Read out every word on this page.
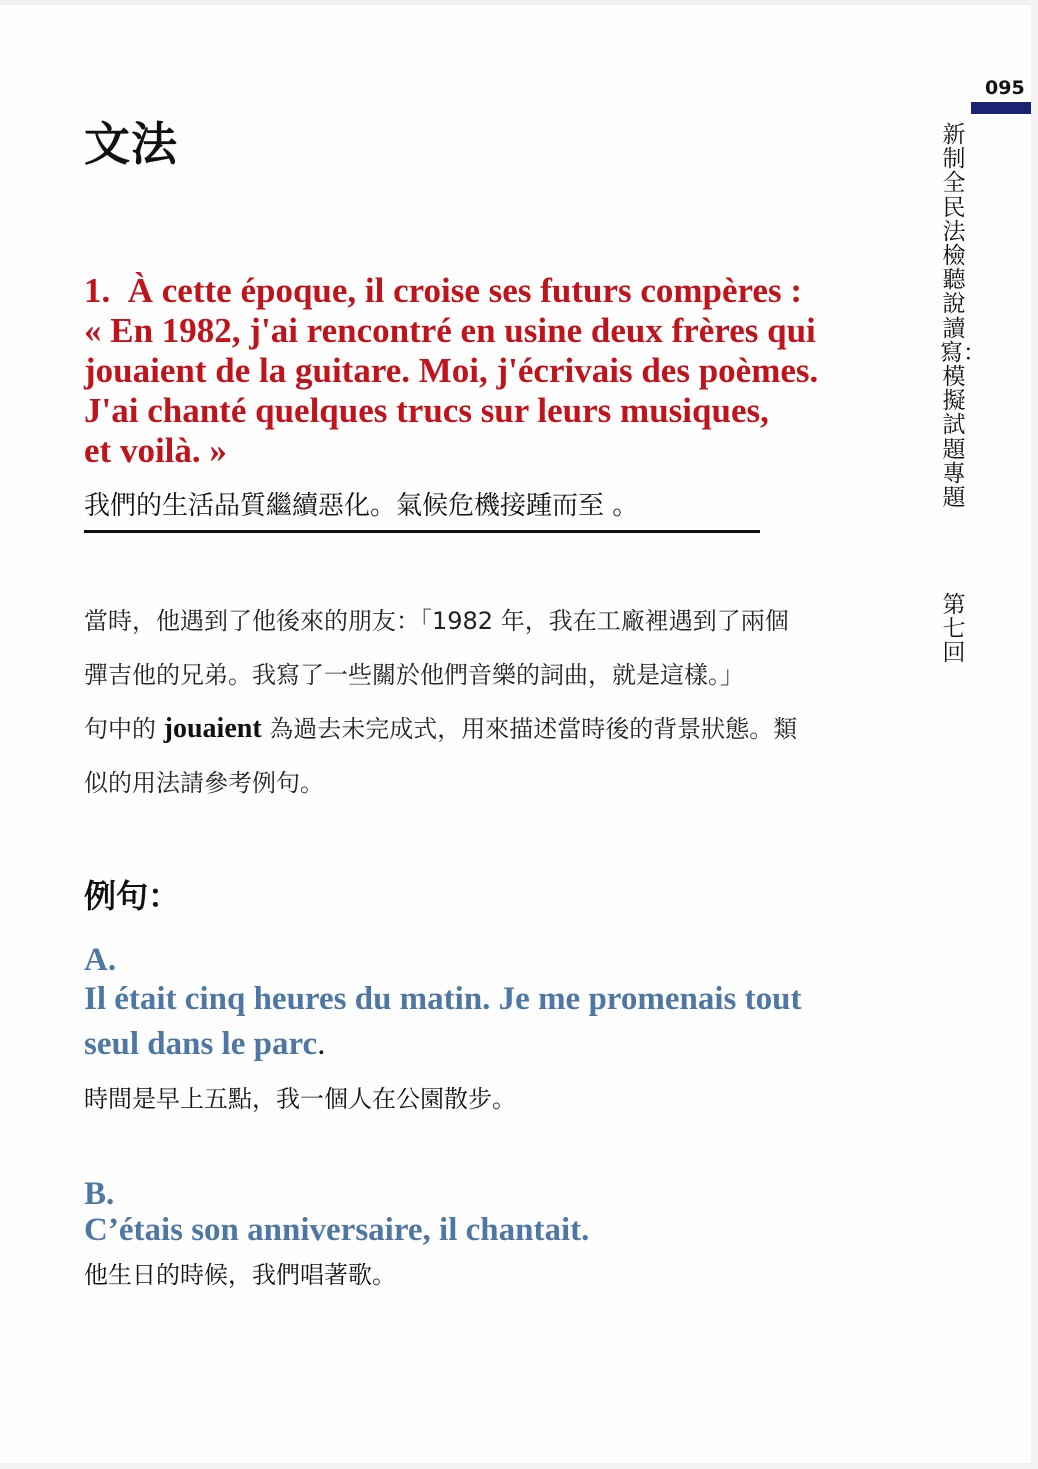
095
新制全民法檢聽說讀寫：模擬試題專題
第七回
文法
1. À cette époque, il croise ses futurs compères :
« En 1982, j'ai rencontré en usine deux frères qui
jouaient de la guitare. Moi, j'écrivais des poèmes.
J'ai chanté quelques trucs sur leurs musiques,
et voilà. »
我們的生活品質繼續惡化。氣候危機接踵而至 。
當時，他遇到了他後來的朋友：「1982 年，我在工廠裡遇到了兩個
彈吉他的兄弟。我寫了一些關於他們音樂的詞曲，就是這樣。」
句中的 jouaient 為過去未完成式，用來描述當時後的背景狀態。類
似的用法請參考例句。
例句：
A.
Il était cinq heures du matin. Je me promenais tout
seul dans le parc.
時間是早上五點，我一個人在公園散步。
B.
C’étais son anniversaire, il chantait.
他生日的時候，我們唱著歌。
